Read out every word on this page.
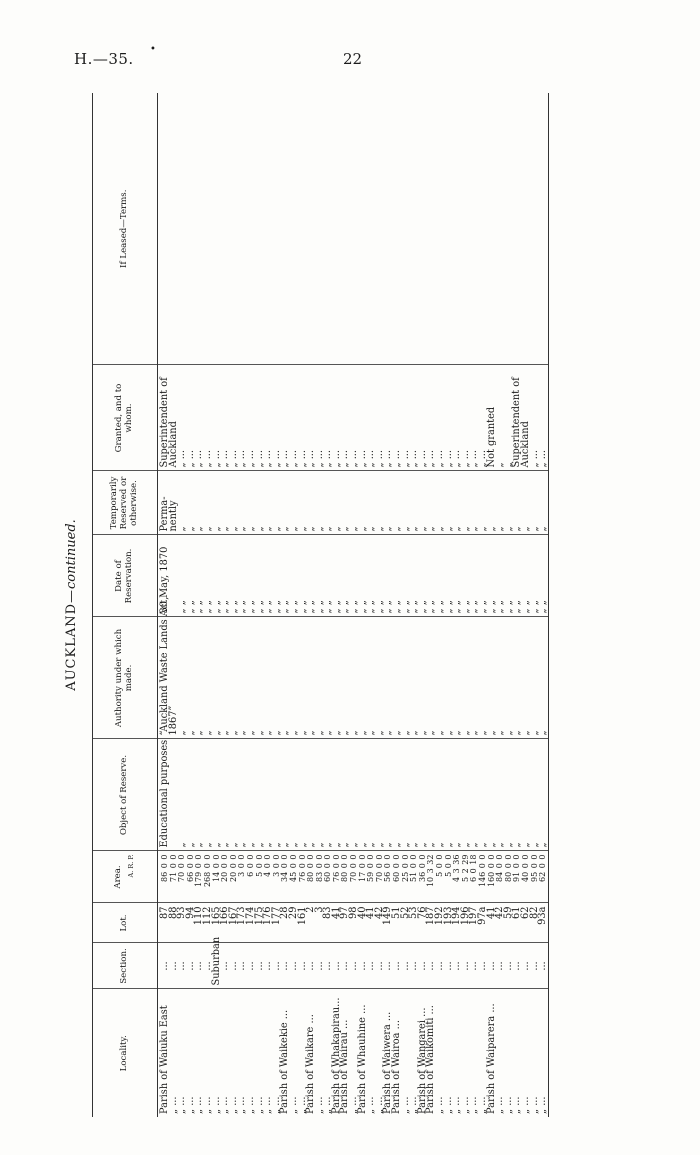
H.—35.
•
22
AUCKLAND—continued.
Locality.	Section.	Lot.	Area. A. R. P.	Object of Reserve.	Authority under which made.	Date of Reservation.	Temporarily Reserved or otherwise.	Granted, and to whom.	If Leased—Terms.
Parish of Waiuku East	...	87	86 0 0	Educational purposes	“Auckland Waste Lands Act,	30 May, 1870	Perma-	Superintendent of	
„ ...	...	88	71 0 0		1867”		nently	Auckland	
„ ...	...	93	70 0 0	„	„	„ „	„	„ ...	
„ ...	...	94	66 0 0	„	„	„ „	„	„ ...	
„ ...	...	110	179 0 0	„	„	„ „	„	„ ...	
„ ...	...	112	268 0 0	„	„	„ „	„	„ ...	
„ ...	Suburban	165	14 0 0	„	„	„ „	„	„ ...	
„ ...	...	166	20 0 0	„	„	„ „	„	„ ...	
„ ...	...	167	20 0 0	„	„	„ „	„	„ ...	
„ ...	...	173	3 0 0	„	„	„ „	„	„ ...	
„ ...	...	174	6 0 0	„	„	„ „	„	„ ...	
„ ...	...	175	5 0 0	„	„	„ „	„	„ ...	
„ ...	...	176	4 0 0	„	„	„ „	„	„ ...	
„ ...	...	177	3 0 0	„	„	„ „	„	„ ...	
Parish of Waikekie ...	...	28	34 0 0	„	„	„ „	„	„ ...	
„ ...	...	29	45 0 0	„	„	„ „	„	„ ...	
„ ...	...	161	76 0 0	„	„	„ „	„	„ ...	
Parish of Waikare ...	...	2	80 0 0	„	„	„ „	„	„ ...	
„ ...	...	3	83 0 0	„	„	„ „	„	„ ...	
„ ...	...	83	60 0 0	„	„	„ „	„	„ ...	
Parish of Whakapirau...	...	41	76 0 0	„	„	„ „	„	„ ...	
Parish of Wairau ...	...	97	80 0 0	„	„	„ „	„	„ ...	
„ ...	...	98	70 0 0	„	„	„ „	„	„ ...	
Parish of Whauhine ...	...	40	17 0 0	„	„	„ „	„	„ ...	
„ ...	...	41	59 0 0	„	„	„ „	„	„ ...	
„ ...	...	42	70 0 0	„	„	„ „	„	„ ...	
Parish of Waiwera ...	...	149	56 0 0	„	„	„ „	„	„ ...	
Parish of Wairoa ...	...	51	60 0 0	„	„	„ „	„	„ ...	
„ ...	...	52	25 0 0	„	„	„ „	„	„ ...	
„ ...	...	53	51 0 0	„	„	„ „	„	„ ...	
Parish of Wangarei ...	...	76	36 0 0	„	„	„ „	„	„ ...	
Parish of Waikomiti ...	...	187	10 3 32	„	„	„ „	„	„ ...	
„ ...	...	192	5 0 0	„	„	„ „	„	„ ...	
„ ...	...	193	5 0 0	„	„	„ „	„	„ ...	
„ ...	...	194	4 3 36	„	„	„ „	„	„ ...	
„ ...	...	196	5 2 29	„	„	„ „	„	„ ...	
„ ...	...	197	6 0 18	„	„	„ „	„	„ ...	
„ ...	...	97a	146 0 0	„	„	„ „	„	„ ...	
Parish of Waiparera ...	...	41	160 0 0	„	„	„ „	„	Not granted	
„ ...	...	42	84 0 0	„	„	„ „	„	„	
„ ...	...	59	80 0 0	„	„	„ „	„	„	
„ ...	...	61	91 0 0	„	„	„ „	„	Superintendent of	
„ ...	...	62	40 0 0	„	„	„ „	„	Auckland	
„ ...	...	82	95 0 0	„	„	„ „	„	„ ...	
„ ...	...	93a	62 0 0	„	„	„ „	„	„ ...	
